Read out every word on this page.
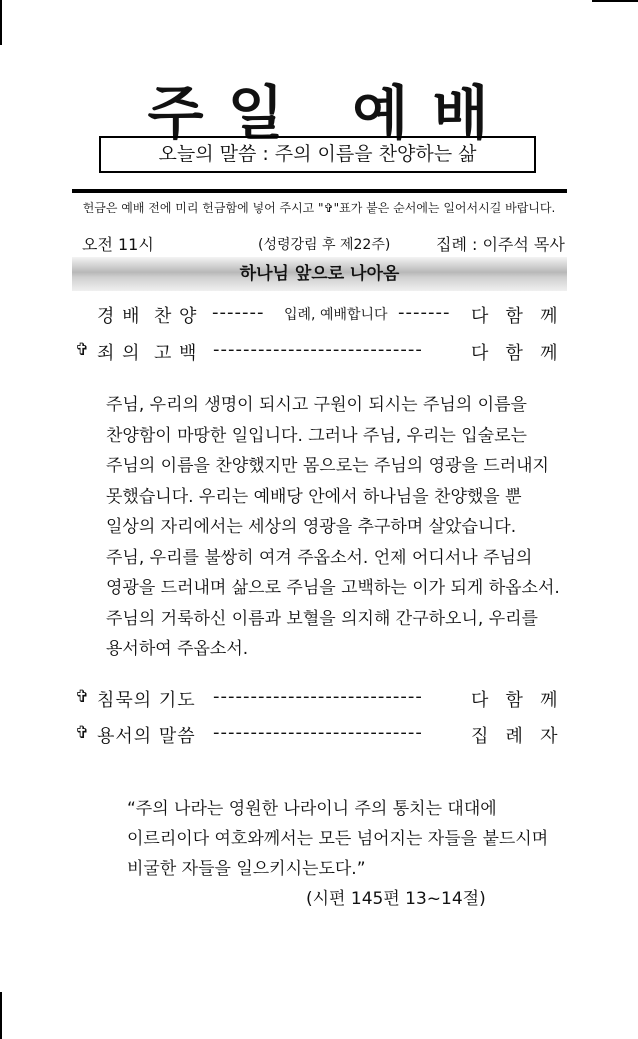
주 일   예 배
오늘의 말씀 : 주의 이름을 찬양하는 삶
헌금은 예배 전에 미리 헌금함에 넣어 주시고 "✞"표가 붙은 순서에는 일어서시길 바랍니다.
오전 11시	(성령강림 후 제22주)	집례 : 이주석 목사
하나님 앞으로 나아옴
경 배  찬 양 ------- 입례, 예배합니다 ------- 다   함   께
✞ 죄 의  고 백 ----------------------------	다   함   께
주님, 우리의 생명이 되시고 구원이 되시는 주님의 이름을
찬양함이 마땅한 일입니다. 그러나 주님, 우리는 입술로는
주님의 이름을 찬양했지만 몸으로는 주님의 영광을 드러내지
못했습니다. 우리는 예배당 안에서 하나님을 찬양했을 뿐
일상의 자리에서는 세상의 영광을 추구하며 살았습니다.
주님, 우리를 불쌍히 여겨 주옵소서. 언제 어디서나 주님의
영광을 드러내며 삶으로 주님을 고백하는 이가 되게 하옵소서.
주님의 거룩하신 이름과 보혈을 의지해 간구하오니, 우리를
용서하여 주옵소서.
✞ 침묵의 기도 ----------------------------	다   함   께
✞ 용서의 말씀 ----------------------------	집   례   자
“주의 나라는 영원한 나라이니 주의 통치는 대대에
이르리이다 여호와께서는 모든 넘어지는 자들을 붙드시며
비굴한 자들을 일으키시는도다.”
(시편 145편 13~14절)
